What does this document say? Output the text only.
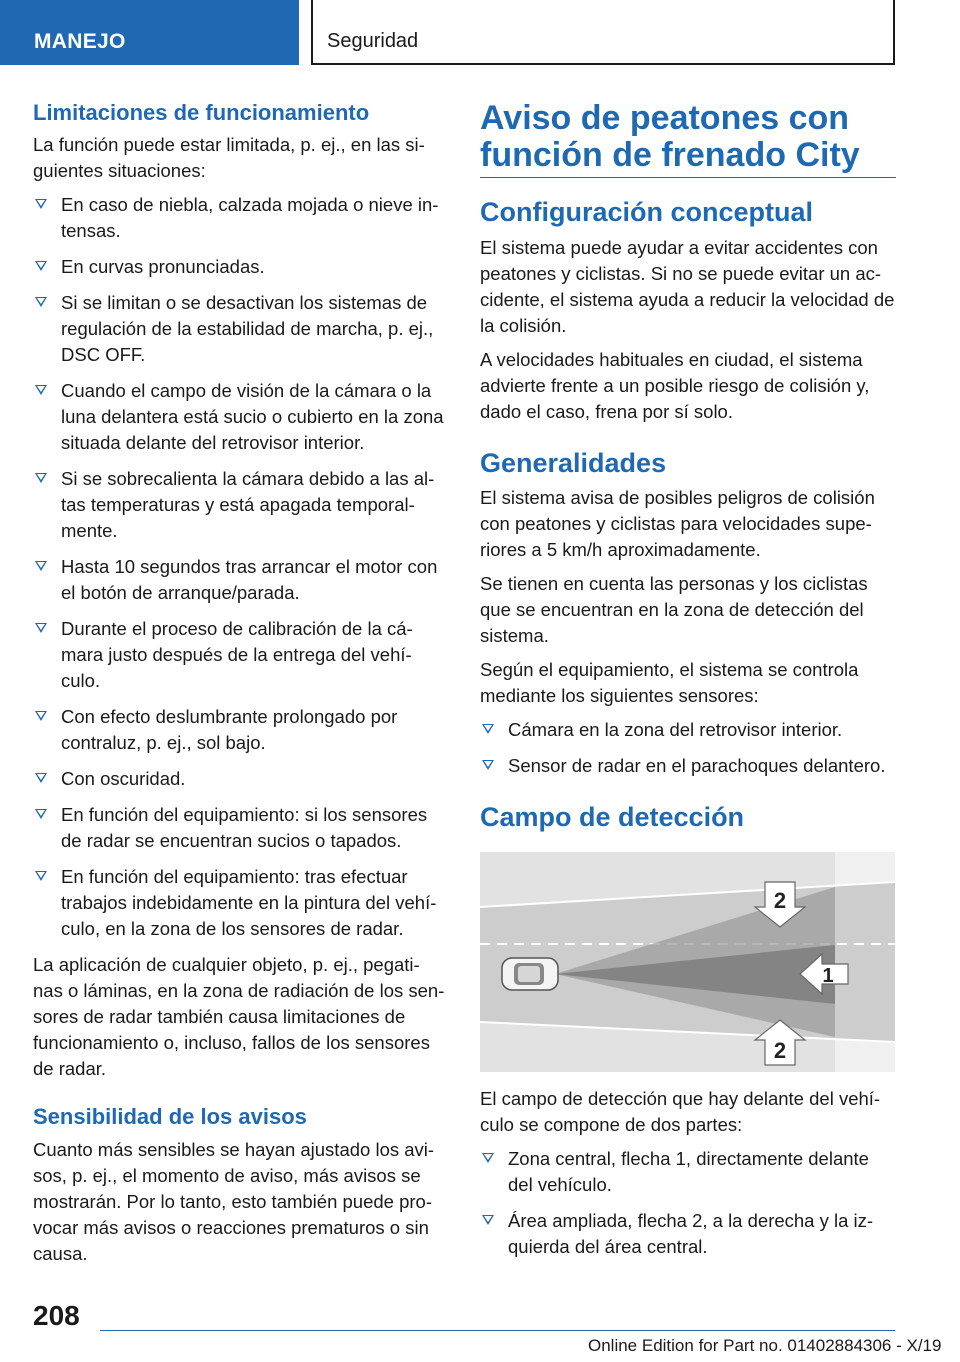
MANEJO	Seguridad
Limitaciones de funcionamiento

La función puede estar limitada, p. ej., en las si-guientes situaciones:

En caso de niebla, calzada mojada o nieve in-tensas.
En curvas pronunciadas.
Si se limitan o se desactivan los sistemas de regulación de la estabilidad de marcha, p. ej., DSC OFF.
Cuando el campo de visión de la cámara o la luna delantera está sucio o cubierto en la zona situada delante del retrovisor interior.
Si se sobrecalienta la cámara debido a las al-tas temperaturas y está apagada temporal-mente.
Hasta 10 segundos tras arrancar el motor con el botón de arranque/parada.
Durante el proceso de calibración de la cá-mara justo después de la entrega del vehí-culo.
Con efecto deslumbrante prolongado por contraluz, p. ej., sol bajo.
Con oscuridad.
En función del equipamiento: si los sensores de radar se encuentran sucios o tapados.
En función del equipamiento: tras efectuar trabajos indebidamente en la pintura del vehí-culo, en la zona de los sensores de radar.

La aplicación de cualquier objeto, p. ej., pegati-nas o láminas, en la zona de radiación de los sen-sores de radar también causa limitaciones de funcionamiento o, incluso, fallos de los sensores de radar.

Sensibilidad de los avisos

Cuanto más sensibles se hayan ajustado los avi-sos, p. ej., el momento de aviso, más avisos se mostrarán. Por lo tanto, esto también puede pro-vocar más avisos o reacciones prematuros o sin causa.

Aviso de peatones con función de frenado City
Configuración conceptual

El sistema puede ayudar a evitar accidentes con peatones y ciclistas. Si no se puede evitar un ac-cidente, el sistema ayuda a reducir la velocidad de la colisión.

A velocidades habituales en ciudad, el sistema advierte frente a un posible riesgo de colisión y, dado el caso, frena por sí solo.

Generalidades

El sistema avisa de posibles peligros de colisión con peatones y ciclistas para velocidades supe-riores a 5 km/h aproximadamente.

Se tienen en cuenta las personas y los ciclistas que se encuentran en la zona de detección del sistema.

Según el equipamiento, el sistema se controla mediante los siguientes sensores:

Cámara en la zona del retrovisor interior.
Sensor de radar en el parachoques delantero.
Campo de detección
2
1
2

El campo de detección que hay delante del vehí-culo se compone de dos partes:

Zona central, flecha 1, directamente delante del vehículo.
Área ampliada, flecha 2, a la derecha y la iz-quierda del área central.
208
Online Edition for Part no. 01402884306 - X/19
